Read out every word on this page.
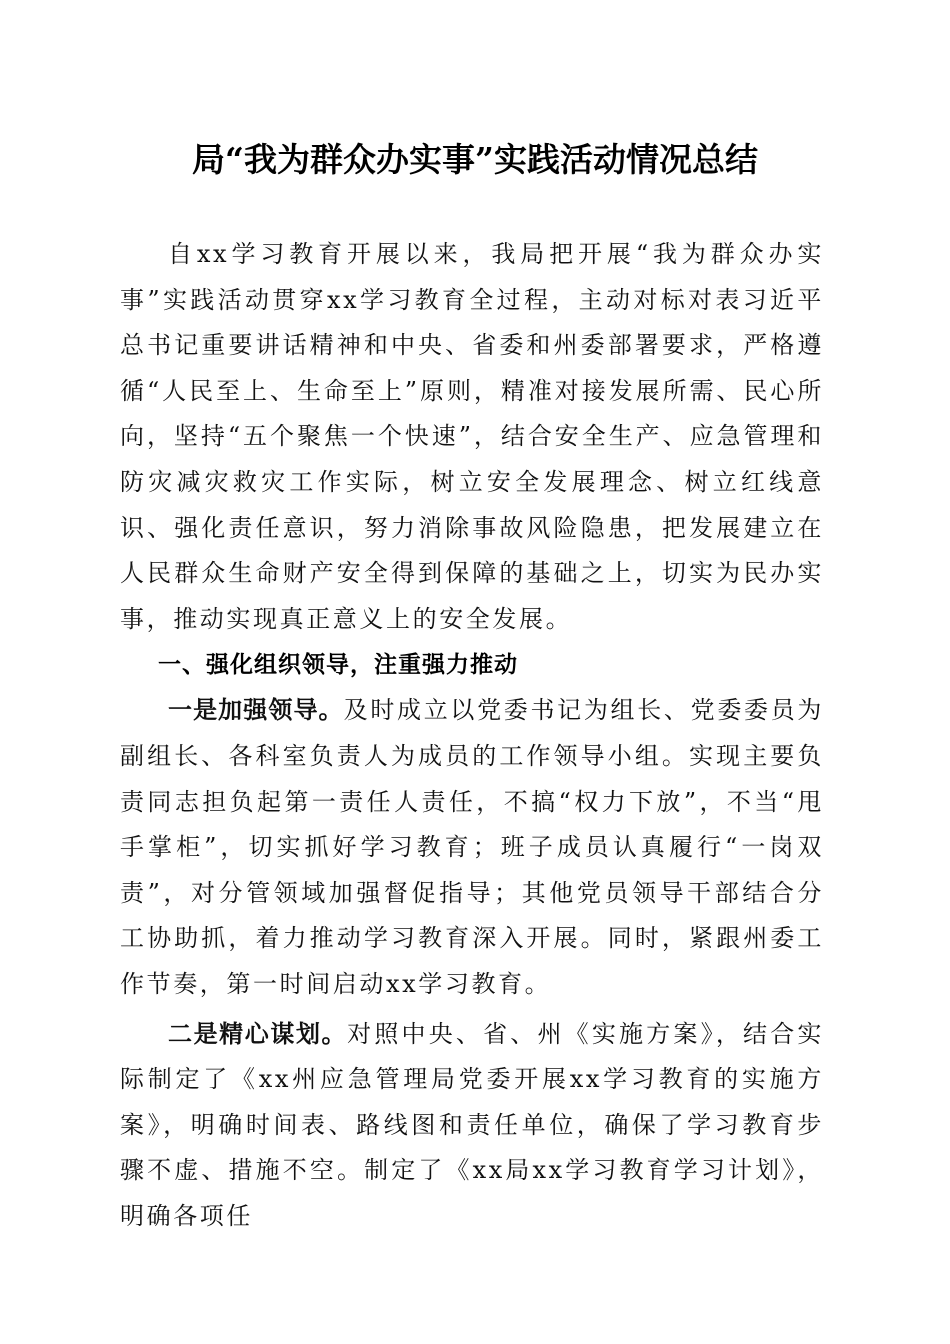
局“我为群众办实事”实践活动情况总结

自xx学习教育开展以来，我局把开展“我为群众办实事”实践活动贯穿xx学习教育全过程，主动对标对表习近平总书记重要讲话精神和中央、省委和州委部署要求，严格遵循“人民至上、生命至上”原则，精准对接发展所需、民心所向，坚持“五个聚焦一个快速”，结合安全生产、应急管理和防灾减灾救灾工作实际，树立安全发展理念、树立红线意识、强化责任意识，努力消除事故风险隐患，把发展建立在人民群众生命财产安全得到保障的基础之上，切实为民办实事，推动实现真正意义上的安全发展。

一、强化组织领导，注重强力推动

一是加强领导。及时成立以党委书记为组长、党委委员为副组长、各科室负责人为成员的工作领导小组。实现主要负责同志担负起第一责任人责任，不搞“权力下放”，不当“甩手掌柜”，切实抓好学习教育；班子成员认真履行“一岗双责”，对分管领域加强督促指导；其他党员领导干部结合分工协助抓，着力推动学习教育深入开展。同时，紧跟州委工作节奏，第一时间启动xx学习教育。

二是精心谋划。对照中央、省、州《实施方案》，结合实际制定了《xx州应急管理局党委开展xx学习教育的实施方案》，明确时间表、路线图和责任单位，确保了学习教育步骤不虚、措施不空。制定了《xx局xx学习教育学习计划》，明确各项任
